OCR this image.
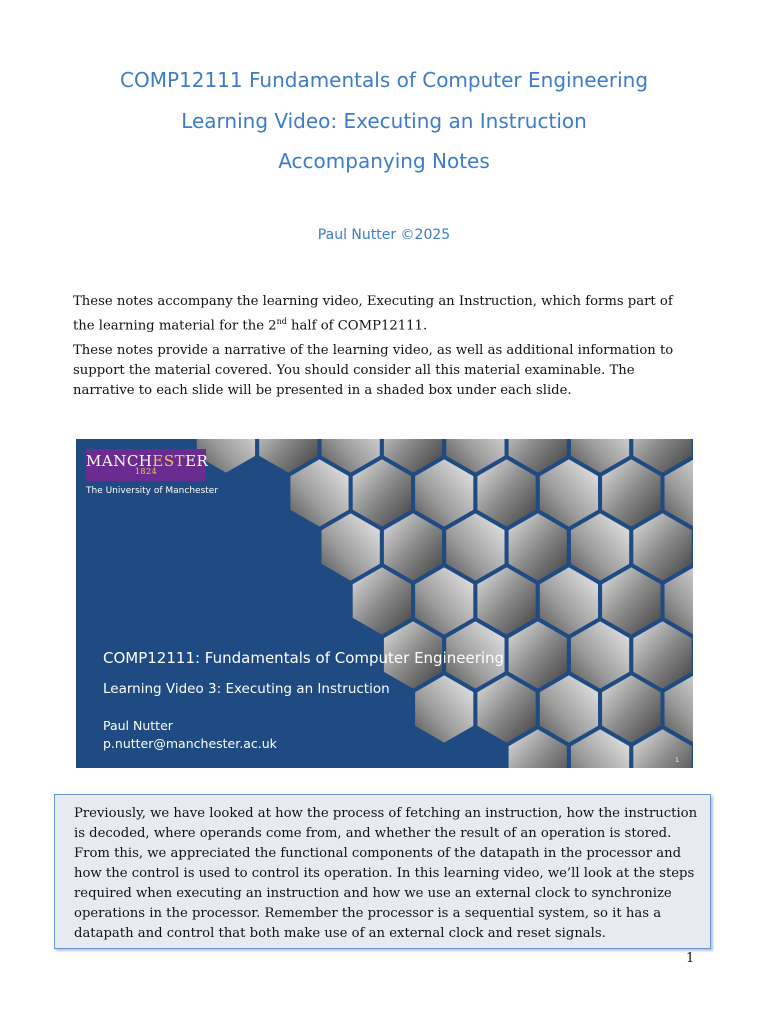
COMP12111 Fundamentals of Computer Engineering
Learning Video: Executing an Instruction
Accompanying Notes
Paul Nutter ©2025
These notes accompany the learning video, Executing an Instruction, which forms part of the learning material for the 2nd half of COMP12111.
These notes provide a narrative of the learning video, as well as additional information to support the material covered. You should consider all this material examinable. The narrative to each slide will be presented in a shaded box under each slide.
MANCHESTER
1824
The University of Manchester
COMP12111: Fundamentals of Computer Engineering
Learning Video 3: Executing an Instruction
Paul Nutter
p.nutter@manchester.ac.uk
1

Previously, we have looked at how the process of fetching an instruction, how the instruction is decoded, where operands come from, and whether the result of an operation is stored. From this, we appreciated the functional components of the datapath in the processor and how the control is used to control its operation. In this learning video, we’ll look at the steps required when executing an instruction and how we use an external clock to synchronize operations in the processor. Remember the processor is a sequential system, so it has a datapath and control that both make use of an external clock and reset signals.

1
